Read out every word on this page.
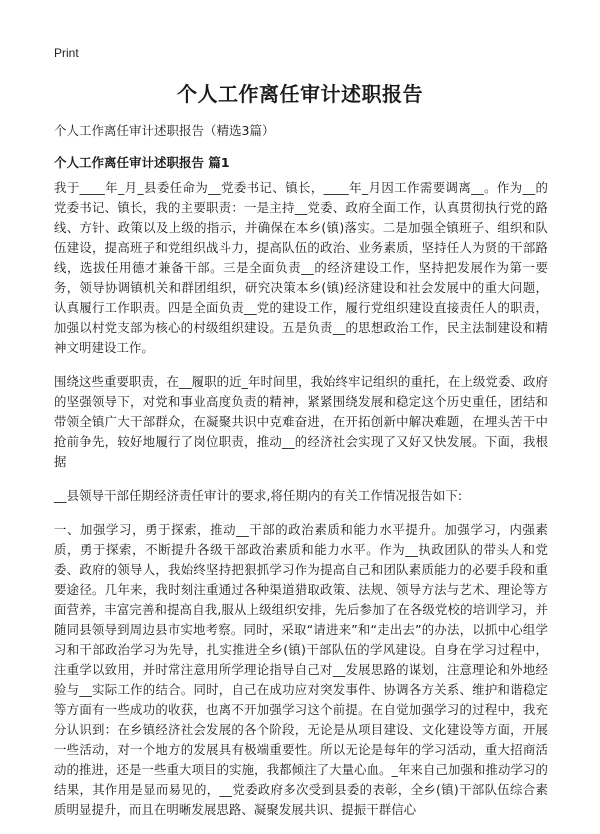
Print
个人工作离任审计述职报告
个人工作离任审计述职报告（精选3篇）
个人工作离任审计述职报告 篇1

我于____年_月_县委任命为__党委书记、镇长，____年_月因工作需要调离__。作为__的党委书记、镇长，我的主要职责：一是主持__党委、政府全面工作，认真贯彻执行党的路线、方针、政策以及上级的指示，并确保在本乡(镇)落实。二是加强全镇班子、组织和队伍建设，提高班子和党组织战斗力，提高队伍的政治、业务素质，坚持任人为贤的干部路线，选拔任用德才兼备干部。三是全面负责__的经济建设工作，坚持把发展作为第一要务，领导协调镇机关和群团组织，研究决策本乡(镇)经济建设和社会发展中的重大问题，认真履行工作职责。四是全面负责__党的建设工作，履行党组织建设直接责任人的职责，加强以村党支部为核心的村级组织建设。五是负责__的思想政治工作，民主法制建设和精神文明建设工作。

围绕这些重要职责，在__履职的近_年时间里，我始终牢记组织的重托，在上级党委、政府的坚强领导下，对党和事业高度负责的精神，紧紧围绕发展和稳定这个历史重任，团结和带领全镇广大干部群众，在凝聚共识中克难奋进，在开拓创新中解决难题，在埋头苦干中抢前争先，较好地履行了岗位职责，推动__的经济社会实现了又好又快发展。下面，我根据

__县领导干部任期经济责任审计的要求,将任期内的有关工作情况报告如下:

一、加强学习，勇于探索，推动__干部的政治素质和能力水平提升。加强学习，内强素质，勇于探索，不断提升各级干部政治素质和能力水平。作为__执政团队的带头人和党委、政府的领导人，我始终坚持把狠抓学习作为提高自己和团队素质能力的必要手段和重要途径。几年来，我时刻注重通过各种渠道猎取政策、法规、领导方法与艺术、理论等方面营养，丰富完善和提高自我,服从上级组织安排，先后参加了在各级党校的培训学习，并随同县领导到周边县市实地考察。同时，采取“请进来”和“走出去”的办法，以抓中心组学习和干部政治学习为先导，扎实推进全乡(镇)干部队伍的学风建设。自身在学习过程中，注重学以致用，并时常注意用所学理论指导自己对__发展思路的谋划，注意理论和外地经验与__实际工作的结合。同时，自己在成功应对突发事件、协调各方关系、维护和谐稳定等方面有一些成功的收获，也离不开加强学习这个前提。在自觉加强学习的过程中，我充分认识到：在乡镇经济社会发展的各个阶段，无论是从项目建设、文化建设等方面，开展一些活动，对一个地方的发展具有极端重要性。所以无论是每年的学习活动，重大招商活动的推进，还是一些重大项目的实施，我都倾注了大量心血。_年来自己加强和推动学习的结果，其作用是显而易见的，__党委政府多次受到县委的表彰，全乡(镇)干部队伍综合素质明显提升，而且在明晰发展思路、凝聚发展共识、提振干群信心
